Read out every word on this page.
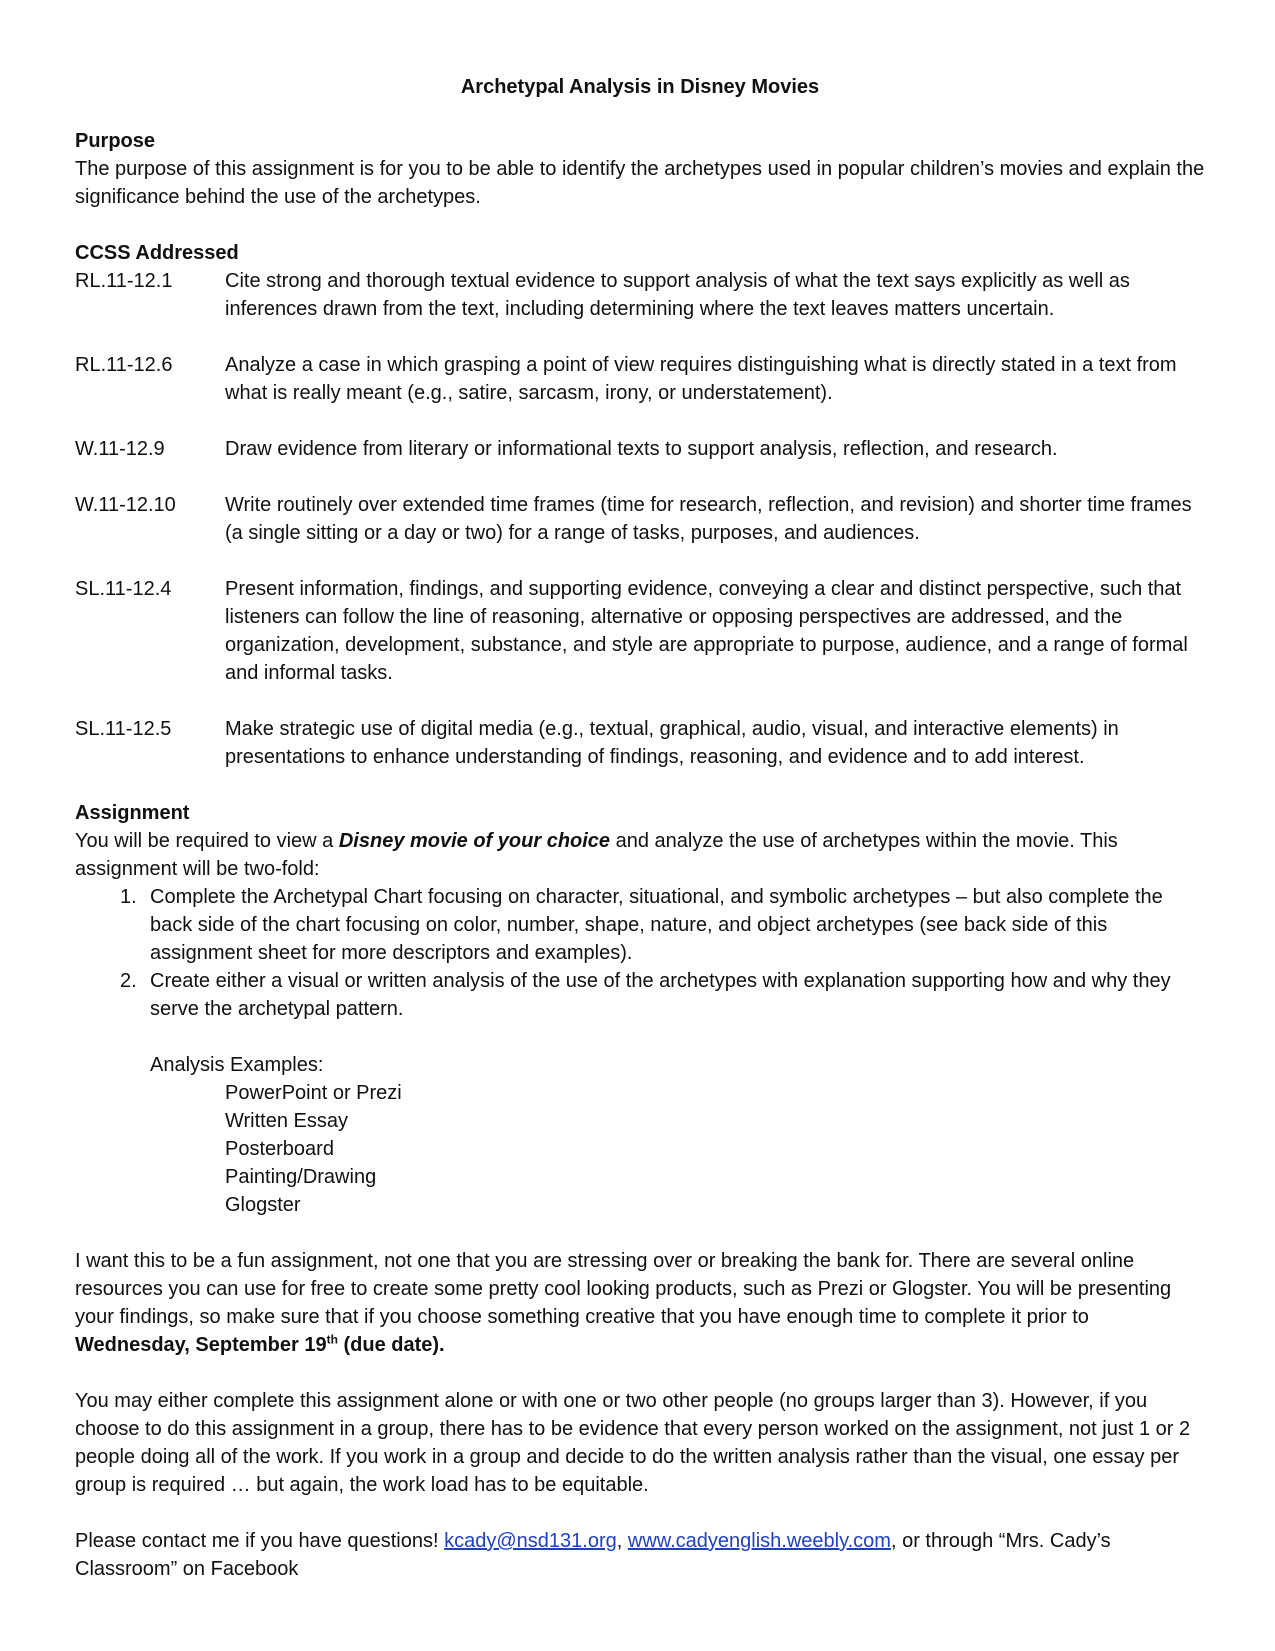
Archetypal Analysis in Disney Movies

Purpose

The purpose of this assignment is for you to be able to identify the archetypes used in popular children’s movies and explain the significance behind the use of the archetypes.

CCSS Addressed

RL.11-12.1	Cite strong and thorough textual evidence to support analysis of what the text says explicitly as well as inferences drawn from the text, including determining where the text leaves matters uncertain.
RL.11-12.6	Analyze a case in which grasping a point of view requires distinguishing what is directly stated in a text from what is really meant (e.g., satire, sarcasm, irony, or understatement).
W.11-12.9	Draw evidence from literary or informational texts to support analysis, reflection, and research.
W.11-12.10	Write routinely over extended time frames (time for research, reflection, and revision) and shorter time frames (a single sitting or a day or two) for a range of tasks, purposes, and audiences.
SL.11-12.4	Present information, findings, and supporting evidence, conveying a clear and distinct perspective, such that listeners can follow the line of reasoning, alternative or opposing perspectives are addressed, and the organization, development, substance, and style are appropriate to purpose, audience, and a range of formal and informal tasks.
SL.11-12.5	Make strategic use of digital media (e.g., textual, graphical, audio, visual, and interactive elements) in presentations to enhance understanding of findings, reasoning, and evidence and to add interest.

Assignment

You will be required to view a Disney movie of your choice and analyze the use of archetypes within the movie. This assignment will be two-fold:

1. Complete the Archetypal Chart focusing on character, situational, and symbolic archetypes – but also complete the back side of the chart focusing on color, number, shape, nature, and object archetypes (see back side of this assignment sheet for more descriptors and examples).
2. Create either a visual or written analysis of the use of the archetypes with explanation supporting how and why they serve the archetypal pattern.

Analysis Examples:

PowerPoint or Prezi
Written Essay
Posterboard
Painting/Drawing
Glogster

I want this to be a fun assignment, not one that you are stressing over or breaking the bank for. There are several online resources you can use for free to create some pretty cool looking products, such as Prezi or Glogster. You will be presenting your findings, so make sure that if you choose something creative that you have enough time to complete it prior to Wednesday, September 19th (due date).

You may either complete this assignment alone or with one or two other people (no groups larger than 3). However, if you choose to do this assignment in a group, there has to be evidence that every person worked on the assignment, not just 1 or 2 people doing all of the work. If you work in a group and decide to do the written analysis rather than the visual, one essay per group is required … but again, the work load has to be equitable.

Please contact me if you have questions! kcady@nsd131.org, www.cadyenglish.weebly.com, or through “Mrs. Cady’s Classroom” on Facebook
